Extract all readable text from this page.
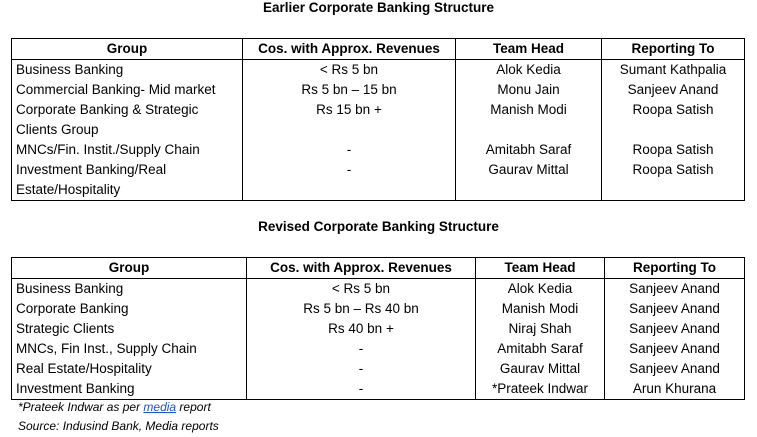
Earlier Corporate Banking Structure
Group	Cos. with Approx. Revenues	Team Head	Reporting To
Business Banking	< Rs 5 bn	Alok Kedia	Sumant Kathpalia
Commercial Banking- Mid market	Rs 5 bn – 15 bn	Monu Jain	Sanjeev Anand
Corporate Banking & Strategic Clients Group	Rs 15 bn +	Manish Modi	Roopa Satish
MNCs/Fin. Instit./Supply Chain	-	Amitabh Saraf	Roopa Satish
Investment Banking/Real Estate/Hospitality	-	Gaurav Mittal	Roopa Satish
Revised Corporate Banking Structure
Group	Cos. with Approx. Revenues	Team Head	Reporting To
Business Banking	< Rs 5 bn	Alok Kedia	Sanjeev Anand
Corporate Banking	Rs 5 bn – Rs 40 bn	Manish Modi	Sanjeev Anand
Strategic Clients	Rs 40 bn +	Niraj Shah	Sanjeev Anand
MNCs, Fin Inst., Supply Chain	-	Amitabh Saraf	Sanjeev Anand
Real Estate/Hospitality	-	Gaurav Mittal	Sanjeev Anand
Investment Banking	-	*Prateek Indwar	Arun Khurana
*Prateek Indwar as per media report
Source: Indusind Bank, Media reports
